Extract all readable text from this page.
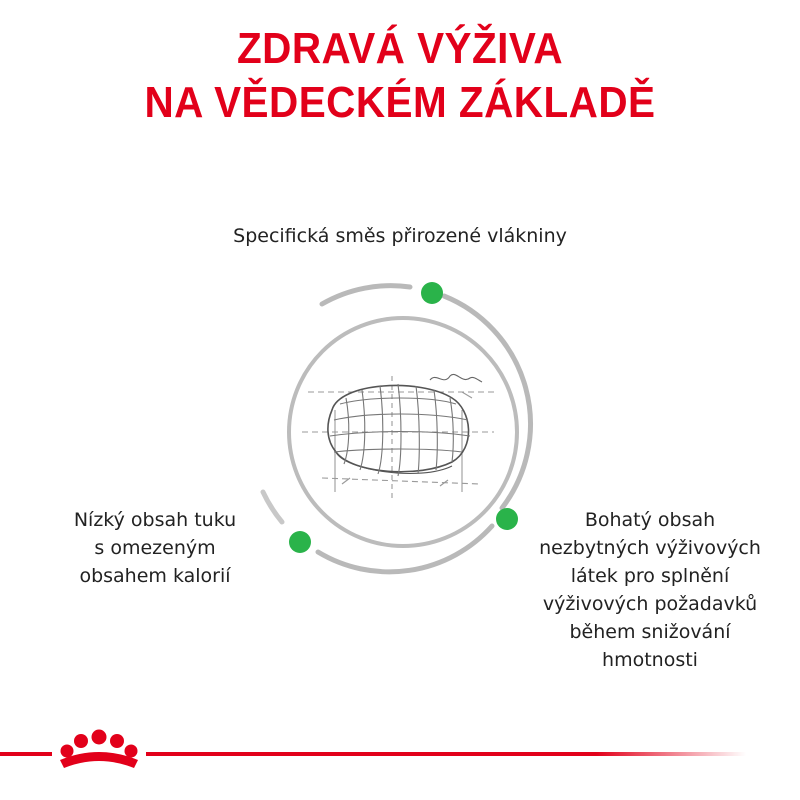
ZDRAVÁ VÝŽIVA
NA VĚDECKÉM ZÁKLADĚ
Specifická směs přirozené vlákniny
Nízký obsah tuku
s omezeným
obsahem kalorií
Bohatý obsah
nezbytných výživových
látek pro splnění
výživových požadavků
během snižování
hmotnosti
